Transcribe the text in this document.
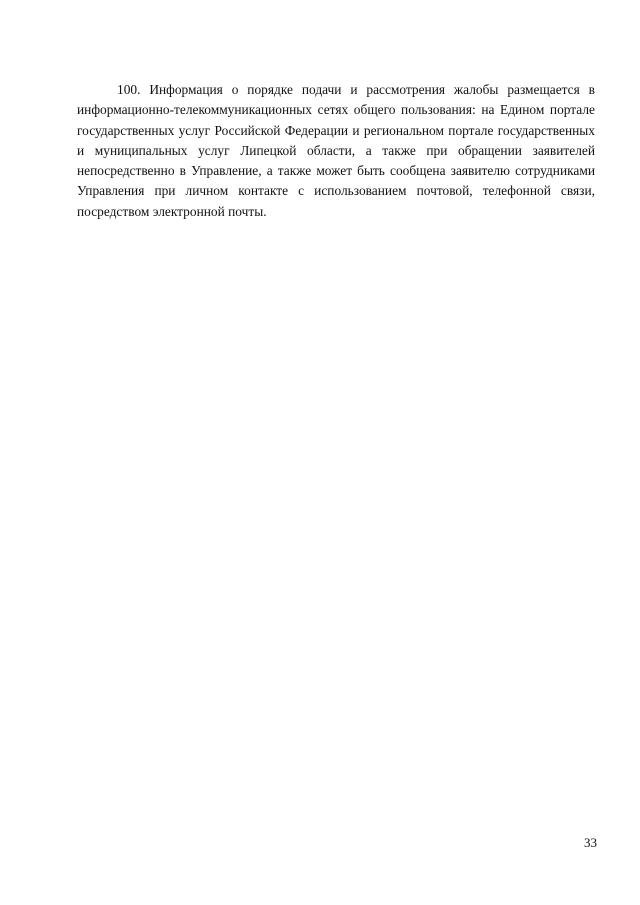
100. Информация о порядке подачи и рассмотрения жалобы размещается в информационно-телекоммуникационных сетях общего пользования: на Едином портале государственных услуг Российской Федерации и региональном портале государственных и муниципальных услуг Липецкой области, а также при обращении заявителей непосредственно в Управление, а также может быть сообщена заявителю сотрудниками Управления при личном контакте с использованием почтовой, телефонной связи, посредством электронной почты.

33
